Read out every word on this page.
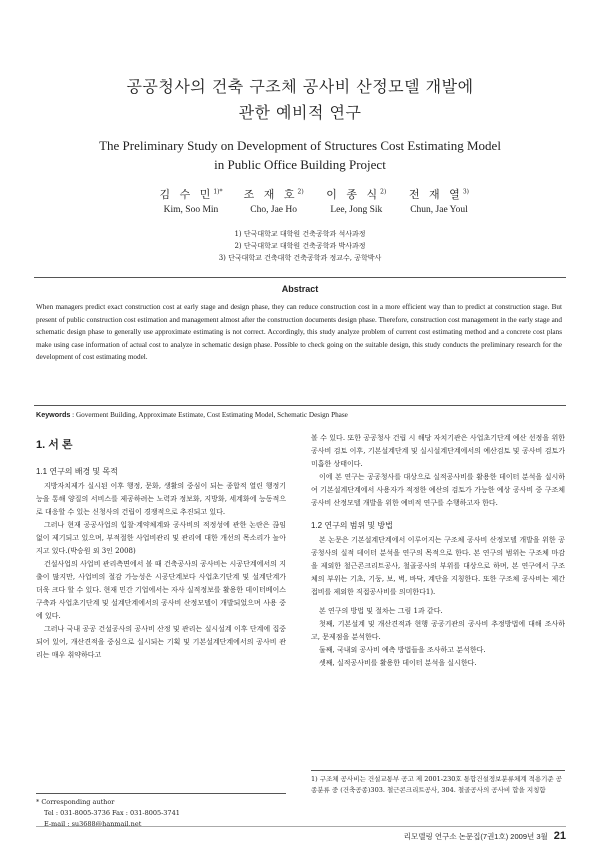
공공청사의 건축 구조체 공사비 산정모델 개발에
관한 예비적 연구
The Preliminary Study on Development of Structures Cost Estimating Model
in Public Office Building Project
김 수 민$^{1)*}$
Kim, Soo Min
조 재 호$^{2)}$
Cho, Jae Ho
이 종 식$^{2)}$
Lee, Jong Sik
전 재 열$^{3)}$
Chun, Jae Youl
1) 단국대학교 대학원 건축공학과 석사과정
2) 단국대학교 대학원 건축공학과 박사과정
3) 단국대학교 건축대학 건축공학과 정교수, 공학박사
Abstract
When managers predict exact construction cost at early stage and design phase, they can reduce construction cost in a more efficient way than to predict at construction stage. But present of public construction cost estimation and management almost after the construction documents design phase. Therefore, construction cost management in the early stage and schematic design phase to generally use approximate estimating is not correct. Accordingly, this study analyze problem of current cost estimating method and a concrete cost plans make using case information of actual cost to analyze in schematic design phase. Possible to check going on the suitable design, this study conducts the preliminary research for the development of cost estimating model.
Keywords : Goverment Building, Approximate Estimate, Cost Estimating Model, Schematic Design Phase
1. 서 론
1.1 연구의 배경 및 목적
지방자치제가 실시된 이후 행정, 문화, 생활의 중심이 되는 종합적 열린 행정기능을 통해 양질의 서비스를 제공하려는 노력과 정보화, 지방화, 세계화에 능동적으로 대응할 수 있는 신청사의 건립이 경쟁적으로 추진되고 있다.
그러나 현재 공공사업의 입찰·계약체계와 공사비의 적정성에 관한 논란은 끊임없이 제기되고 있으며, 부적절한 사업비관리 및 관리에 대한 개선의 목소리가 높아지고 있다.(박승원 외 3인 2008)
건설사업의 사업비 관리측면에서 볼 때 건축공사의 공사비는 시공단계에서의 지출이 많지만, 사업비의 절감 가능성은 시공단계보다 사업초기단계 및 설계단계가 더욱 크다 할 수 있다. 현재 민간 기업에서는 자사 실적정보를 활용한 데이터베이스 구축과 사업초기단계 및 설계단계에서의 공사비 산정모델이 개발되었으며 사용 중에 있다.
그러나 국내 공공 건설공사의 공사비 산정 및 관리는 실시설계 이후 단계에 집중되어 있어, 개산견적을 중심으로 실시되는 기획 및 기본설계단계에서의 공사비 관리는 매우 취약하다고
볼 수 있다. 또한 공공청사 건립 시 해당 자치기관은 사업초기단계 예산 선정을 위한 공사비 검토 이후, 기본설계단계 및 실시설계단계에서의 예산검토 및 공사비 검토가 미흡한 상태이다.
이에 본 연구는 공공청사를 대상으로 실적공사비를 활용한 데이터 분석을 실시하여 기본설계단계에서 사용자가 적정한 예산의 검토가 가능한 예상 공사비 중 구조체 공사비 산정모델 개발을 위한 예비적 연구를 수행하고자 한다.
1.2 연구의 범위 및 방법
본 논문은 기본설계단계에서 이루어지는 구조체 공사비 산정모델 개발을 위한 공공청사의 실적 데이터 분석을 연구의 목적으로 한다. 본 연구의 범위는 구조체 마감을 제외한 철근콘크리트공사, 철골공사의 부위를 대상으로 하며, 본 연구에서 구조체의 부위는 기초, 기둥, 보, 벽, 바닥, 계단을 지칭한다. 또한 구조체 공사비는 제간접비를 제외한 직접공사비를 의미한다1).
본 연구의 방법 및 절차는 그림 1과 같다.
첫째, 기본설계 및 개산견적과 현행 공공기관의 공사비 추정방법에 대해 조사하고, 문제점을 분석한다.
둘째, 국내외 공사비 예측 방법들을 조사하고 분석한다.
셋째, 실적공사비를 활용한 데이터 분석을 실시한다.
* Corresponding author
Tel : 031-8005-3736 Fax : 031-8005-3741
E-mail : su3688@hanmail.net
1) 구조체 공사비는 건설교통부 공고 제 2001-230호 통합건설정보분류체계 적용기준 공종분류 중 (건축공종)303. 철근콘크리트공사, 304. 철골공사의 공사비 합을 지칭함
리모델링 연구소 논문집(7권1호) 2009년 3월 21
